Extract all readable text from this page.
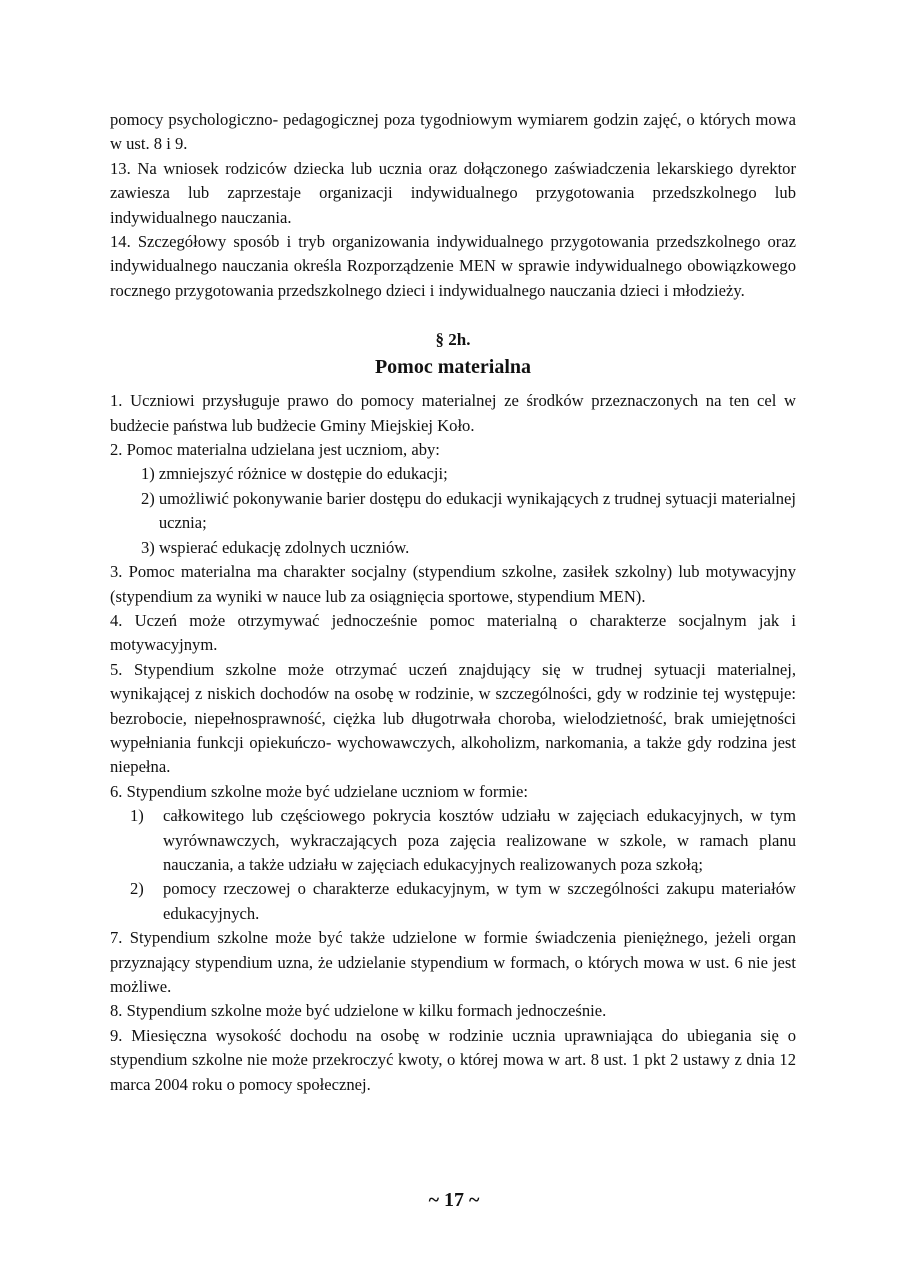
pomocy psychologiczno- pedagogicznej poza tygodniowym wymiarem godzin zajęć, o których mowa w ust. 8 i 9.

13. Na wniosek rodziców dziecka lub ucznia oraz dołączonego zaświadczenia lekarskiego dyrektor zawiesza lub zaprzestaje organizacji indywidualnego przygotowania przedszkolnego lub indywidualnego nauczania.

14. Szczegółowy sposób i tryb organizowania indywidualnego przygotowania przedszkolnego oraz indywidualnego nauczania określa Rozporządzenie MEN w sprawie indywidualnego obowiązkowego rocznego przygotowania przedszkolnego dzieci i indywidualnego nauczania dzieci i młodzieży.

§ 2h.

Pomoc materialna

1. Uczniowi przysługuje prawo do pomocy materialnej ze środków przeznaczonych na ten cel w budżecie państwa lub budżecie Gminy Miejskiej Koło.

2. Pomoc materialna udzielana jest uczniom, aby:

1) zmniejszyć różnice w dostępie do edukacji;
2) umożliwić pokonywanie barier dostępu do edukacji wynikających z trudnej sytuacji materialnej ucznia;
3) wspierać edukację zdolnych uczniów.

3. Pomoc materialna ma charakter socjalny (stypendium szkolne, zasiłek szkolny) lub motywacyjny (stypendium za wyniki w nauce lub za osiągnięcia sportowe, stypendium MEN).

4. Uczeń może otrzymywać jednocześnie pomoc materialną o charakterze socjalnym jak i motywacyjnym.

5. Stypendium szkolne może otrzymać uczeń znajdujący się w trudnej sytuacji materialnej, wynikającej z niskich dochodów na osobę w rodzinie, w szczególności, gdy w rodzinie tej występuje: bezrobocie, niepełnosprawność, ciężka lub długotrwała choroba, wielodzietność, brak umiejętności wypełniania funkcji opiekuńczo- wychowawczych, alkoholizm, narkomania, a także gdy rodzina jest niepełna.

6. Stypendium szkolne może być udzielane uczniom w formie:

1)	całkowitego lub częściowego pokrycia kosztów udziału w zajęciach edukacyjnych, w tym wyrównawczych, wykraczających poza zajęcia realizowane w szkole, w ramach planu nauczania, a także udziału w zajęciach edukacyjnych realizowanych poza szkołą;
2)	pomocy rzeczowej o charakterze edukacyjnym, w tym w szczególności zakupu materiałów edukacyjnych.

7. Stypendium szkolne może być także udzielone w formie świadczenia pieniężnego, jeżeli organ przyznający stypendium uzna, że udzielanie stypendium w formach, o których mowa w ust. 6 nie jest możliwe.

8. Stypendium szkolne może być udzielone w kilku formach jednocześnie.

9. Miesięczna wysokość dochodu na osobę w rodzinie ucznia uprawniająca do ubiegania się o stypendium szkolne nie może przekroczyć kwoty, o której mowa w art. 8 ust. 1 pkt 2 ustawy z dnia 12 marca 2004 roku o pomocy społecznej.

~ 17 ~
